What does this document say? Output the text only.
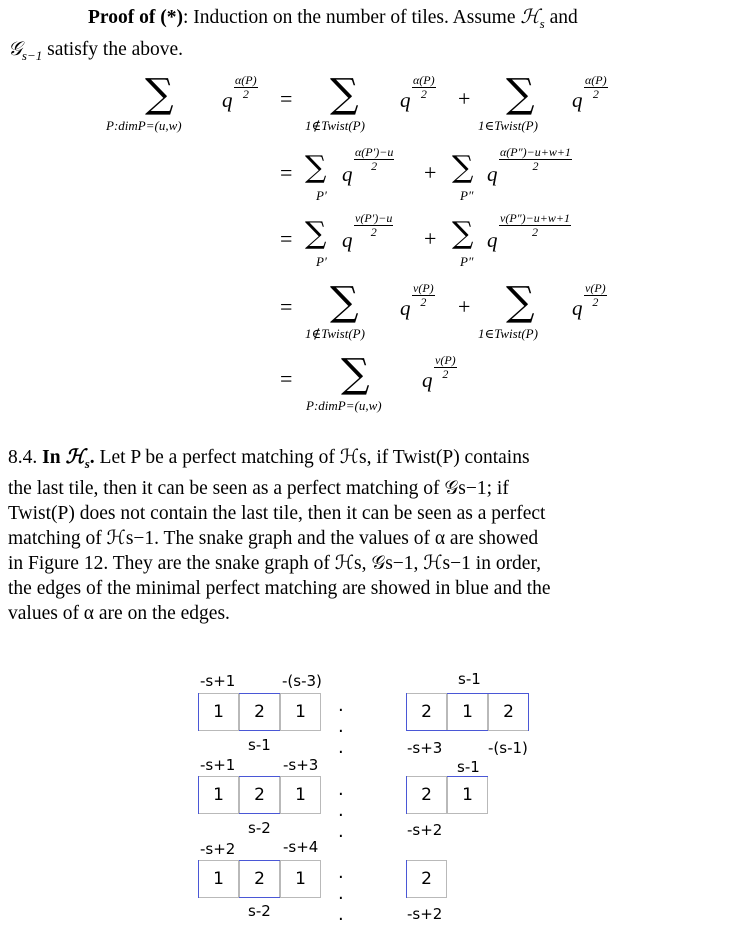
Proof of (*): Induction on the number of tiles. Assume ℋ$_s$ and

𝒢$_{s-1}$ satisfy the above.

∑
P:dimP=(u,w)
q $\frac{\alpha(P)}{2}$ = ∑
1∉Twist(P)
q $\frac{\alpha(P)}{2}$ + ∑
1∈Twist(P)
q $\frac{\alpha(P)}{2}$
= ∑
P′
q
$\frac{\alpha(P')-u}{2}$ + ∑
P″
q
$\frac{\alpha(P'')-u+w+1}{2}$
= ∑
P′
q
$\frac{v(P')-u}{2}$ + ∑
P″
q
$\frac{v(P'')-u+w+1}{2}$
= ∑
1∉Twist(P)
q $\frac{v(P)}{2}$ + ∑
1∈Twist(P)
q $\frac{v(P)}{2}$
= ∑
P:dimP=(u,w)
q $\frac{v(P)}{2}$

8.4. In ℋ$_s$. Let P be a perfect matching of ℋs, if Twist(P) contains

the last tile, then it can be seen as a perfect matching of 𝒢s−1; if

Twist(P) does not contain the last tile, then it can be seen as a perfect

matching of ℋs−1. The snake graph and the values of α are showed

in Figure 12. They are the snake graph of ℋs, 𝒢s−1, ℋs−1 in order,

the edges of the minimal perfect matching are showed in blue and the

values of α are on the edges.

-s+1	-(s-3)	s-1
1	2	1	· · ·
2	1	2
s-1	-s+3	-(s-1)
-s+1	-s+3	s-1
1	2	1	· · ·
2	1
s-2	-s+2
-s+2	-s+4
1	2	1	· · ·
2
s-2	-s+2
